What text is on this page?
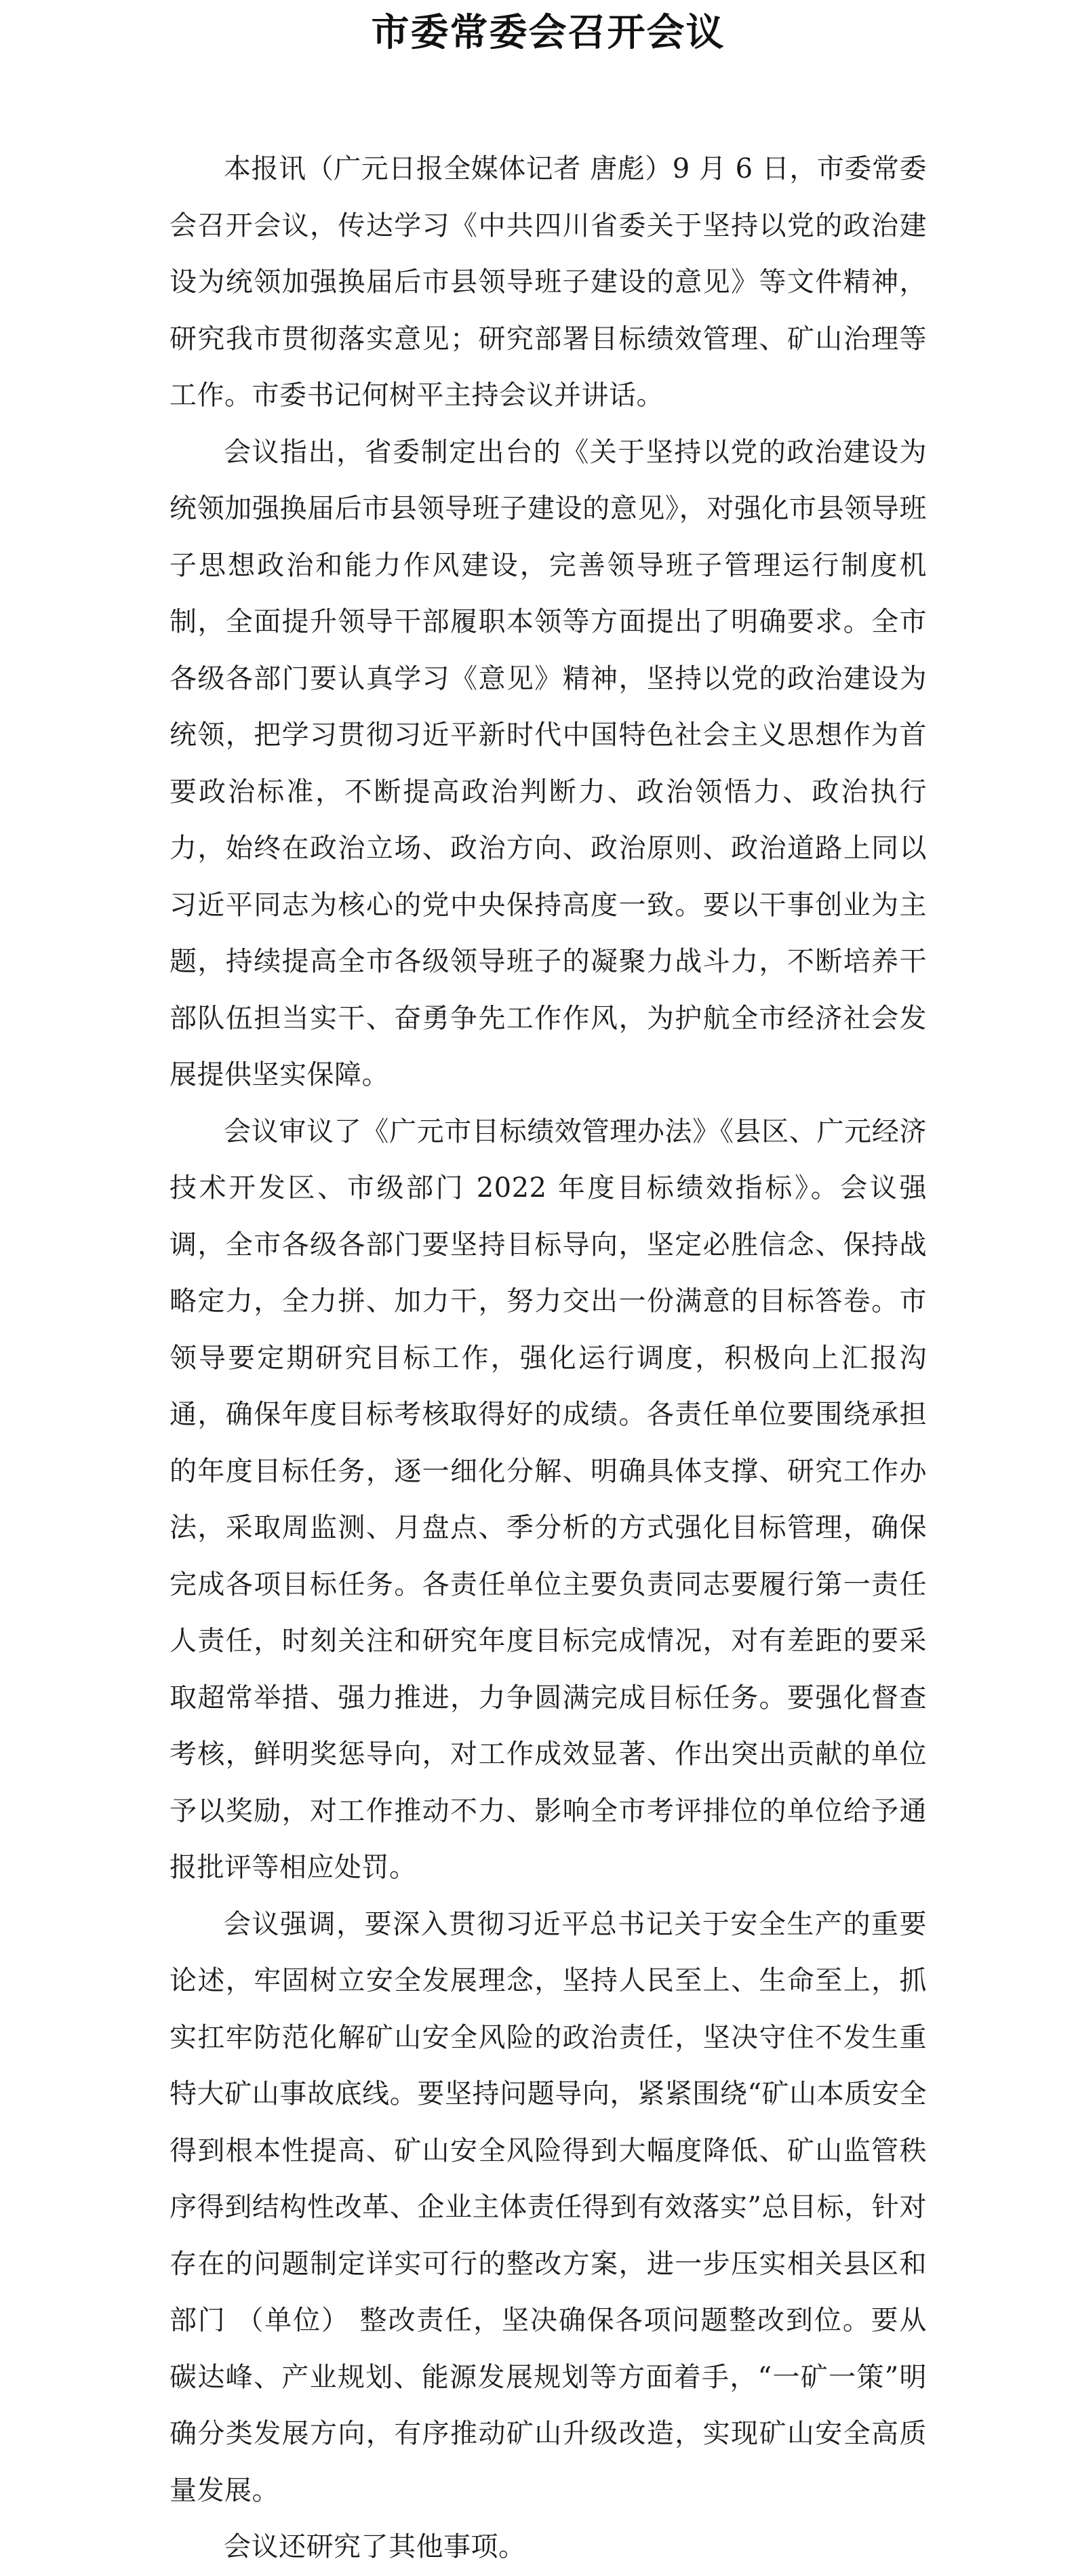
市委常委会召开会议

本报讯（广元日报全媒体记者 唐彪）9 月 6 日，市委常委会召开会议，传达学习《中共四川省委关于坚持以党的政治建设为统领加强换届后市县领导班子建设的意见》等文件精神，研究我市贯彻落实意见；研究部署目标绩效管理、矿山治理等工作。市委书记何树平主持会议并讲话。

会议指出，省委制定出台的《关于坚持以党的政治建设为统领加强换届后市县领导班子建设的意见》，对强化市县领导班子思想政治和能力作风建设，完善领导班子管理运行制度机制，全面提升领导干部履职本领等方面提出了明确要求。全市各级各部门要认真学习《意见》精神，坚持以党的政治建设为统领，把学习贯彻习近平新时代中国特色社会主义思想作为首要政治标准，不断提高政治判断力、政治领悟力、政治执行力，始终在政治立场、政治方向、政治原则、政治道路上同以习近平同志为核心的党中央保持高度一致。要以干事创业为主题，持续提高全市各级领导班子的凝聚力战斗力，不断培养干部队伍担当实干、奋勇争先工作作风，为护航全市经济社会发展提供坚实保障。

会议审议了《广元市目标绩效管理办法》《县区、广元经济技术开发区、市级部门 2022 年度目标绩效指标》。会议强调，全市各级各部门要坚持目标导向，坚定必胜信念、保持战略定力，全力拼、加力干，努力交出一份满意的目标答卷。市领导要定期研究目标工作，强化运行调度，积极向上汇报沟通，确保年度目标考核取得好的成绩。各责任单位要围绕承担的年度目标任务，逐一细化分解、明确具体支撑、研究工作办法，采取周监测、月盘点、季分析的方式强化目标管理，确保完成各项目标任务。各责任单位主要负责同志要履行第一责任人责任，时刻关注和研究年度目标完成情况，对有差距的要采取超常举措、强力推进，力争圆满完成目标任务。要强化督查考核，鲜明奖惩导向，对工作成效显著、作出突出贡献的单位予以奖励，对工作推动不力、影响全市考评排位的单位给予通报批评等相应处罚。

会议强调，要深入贯彻习近平总书记关于安全生产的重要论述，牢固树立安全发展理念，坚持人民至上、生命至上，抓实扛牢防范化解矿山安全风险的政治责任，坚决守住不发生重特大矿山事故底线。要坚持问题导向，紧紧围绕“矿山本质安全得到根本性提高、矿山安全风险得到大幅度降低、矿山监管秩序得到结构性改革、企业主体责任得到有效落实”总目标，针对存在的问题制定详实可行的整改方案，进一步压实相关县区和部门 （单位） 整改责任，坚决确保各项问题整改到位。要从碳达峰、产业规划、能源发展规划等方面着手，“一矿一策”明确分类发展方向，有序推动矿山升级改造，实现矿山安全高质量发展。

会议还研究了其他事项。
